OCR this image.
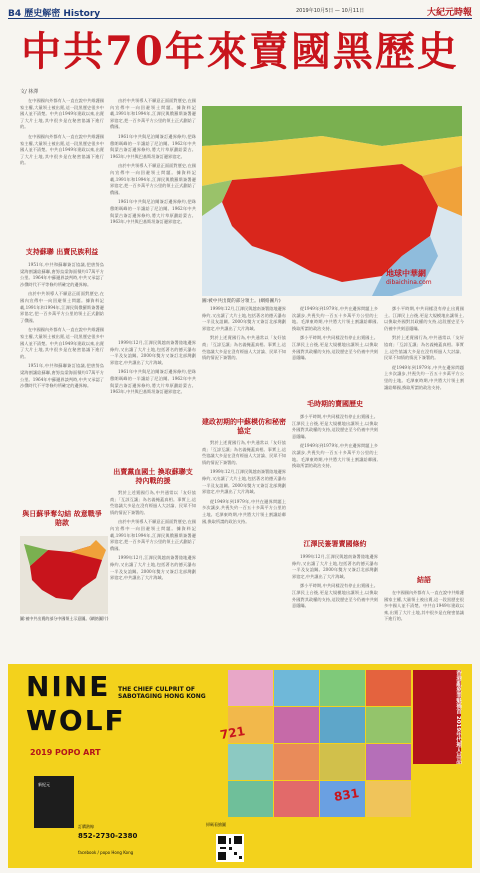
B4 歷史解密 History	2019年10月5日 — 10月11日	大紀元時報
中共70年來賣國黑歷史
文/ 林澤

在中國國內外都有人一直在說中共維護國家主權,大量領土被出賣,這一段黑歷史很多中國人並不清楚。中共自1949年建政以來,出賣了大片土地,其中很多是在秘密協議下進行的。

在中國國內外都有人一直在說中共維護國家主權,大量領土被出賣,這一段黑歷史很多中國人並不清楚。中共自1949年建政以來,出賣了大片土地,其中很多是在秘密協議下進行的。

支持蘇聯 出賣民族利益

1951年,中共和蘇聯簽訂協議,把唐努烏梁海割讓給蘇聯,唐努烏梁海面積約17萬平方公里。1964年中蘇邊界談判時,中共又承認了沙俄時代不平等條約所確定的邊界線。

由於中共領導人不願意正面面對歷史,在國內宣傳中一向回避領土問題。據資料記載,1991年和1994年,江澤民與俄羅斯簽署邊界協定,把一百多萬平方公里的領土正式劃給了俄國。

在中國國內外都有人一直在說中共維護國家主權,大量領土被出賣,這一段黑歷史很多中國人並不清楚。中共自1949年建政以來,出賣了大片土地,其中很多是在秘密協議下進行的。

1951年,中共和蘇聯簽訂協議,把唐努烏梁海割讓給蘇聯,唐努烏梁海面積約17萬平方公里。1964年中蘇邊界談判時,中共又承認了沙俄時代不平等條約所確定的邊界線。

與日蘇爭奪勾結 故意戰爭賠款
圖:被中共出賣的部分中國領土示意圖。(網絡圖片)

由於中共領導人不願意正面面對歷史,在國內宣傳中一向回避領土問題。據資料記載,1991年和1994年,江澤民與俄羅斯簽署邊界協定,把一百多萬平方公里的領土正式劃給了俄國。

1961年中共與尼泊爾簽訂邊界條約,把珠穆朗瑪峰的一半讓給了尼泊爾。1962年中共與蒙古簽訂邊界條約,將大片草原劃給蒙古。1963年,中共與巴基斯坦簽訂邊界協定。

由於中共領導人不願意正面面對歷史,在國內宣傳中一向回避領土問題。據資料記載,1991年和1994年,江澤民與俄羅斯簽署邊界協定,把一百多萬平方公里的領土正式劃給了俄國。

1961年中共與尼泊爾簽訂邊界條約,把珠穆朗瑪峰的一半讓給了尼泊爾。1962年中共與蒙古簽訂邊界條約,將大片草原劃給蒙古。1963年,中共與巴基斯坦簽訂邊界協定。

1999年12月,江澤民與越南簽署陸地邊界條約,又出讓了大片土地,包括著名的德天瀑布一半及友誼關。2000年雙方又簽訂北部灣劃界協定,中共讓出了大片海域。

1961年中共與尼泊爾簽訂邊界條約,把珠穆朗瑪峰的一半讓給了尼泊爾。1962年中共與蒙古簽訂邊界條約,將大片草原劃給蒙古。1963年,中共與巴基斯坦簽訂邊界協定。

出賣黨血國土 換取蘇聯支持內戰的援

對於上述賣國行為,中共通常以「友好協商」「互諒互讓」為名義掩蓋真相。事實上,這些協議大多是在沒有經過人大討論、民眾不知情的情況下簽署的。

由於中共領導人不願意正面面對歷史,在國內宣傳中一向回避領土問題。據資料記載,1991年和1994年,江澤民與俄羅斯簽署邊界協定,把一百多萬平方公里的領土正式劃給了俄國。

1999年12月,江澤民與越南簽署陸地邊界條約,又出讓了大片土地,包括著名的德天瀑布一半及友誼關。2000年雙方又簽訂北部灣劃界協定,中共讓出了大片海域。

圖:被中共出賣的部分領土。(網絡圖片)
地球中華網
dibaichina.com

1999年12月,江澤民與越南簽署陸地邊界條約,又出讓了大片土地,包括著名的德天瀑布一半及友誼關。2000年雙方又簽訂北部灣劃界協定,中共讓出了大片海域。

對於上述賣國行為,中共通常以「友好協商」「互諒互讓」為名義掩蓋真相。事實上,這些協議大多是在沒有經過人大討論、民眾不知情的情況下簽署的。

建政初期的中蘇模仿和秘密協定

對於上述賣國行為,中共通常以「友好協商」「互諒互讓」為名義掩蓋真相。事實上,這些協議大多是在沒有經過人大討論、民眾不知情的情況下簽署的。

1999年12月,江澤民與越南簽署陸地邊界條約,又出讓了大片土地,包括著名的德天瀑布一半及友誼關。2000年雙方又簽訂北部灣劃界協定,中共讓出了大片海域。

從1949年到1979年,中共在邊界問題上多次讓步,共喪失約一百五十多萬平方公里的土地。毛澤東時期,中共將大片領土割讓給鄰國,換取所謂的政治支持。

從1949年到1979年,中共在邊界問題上多次讓步,共喪失約一百五十多萬平方公里的土地。毛澤東時期,中共將大片領土割讓給鄰國,換取所謂的政治支持。

鄧小平時期,中共同樣沒有停止出賣國土。江澤民上台後,更是大規模地出讓領土,以換取外國對其政權的支持,這段歷史至今仍被中共刻意隱瞞。

毛時期的賣國歷史

鄧小平時期,中共同樣沒有停止出賣國土。江澤民上台後,更是大規模地出讓領土,以換取外國對其政權的支持,這段歷史至今仍被中共刻意隱瞞。

從1949年到1979年,中共在邊界問題上多次讓步,共喪失約一百五十多萬平方公里的土地。毛澤東時期,中共將大片領土割讓給鄰國,換取所謂的政治支持。

江澤民簽署賣國條約

1999年12月,江澤民與越南簽署陸地邊界條約,又出讓了大片土地,包括著名的德天瀑布一半及友誼關。2000年雙方又簽訂北部灣劃界協定,中共讓出了大片海域。

鄧小平時期,中共同樣沒有停止出賣國土。江澤民上台後,更是大規模地出讓領土,以換取外國對其政權的支持,這段歷史至今仍被中共刻意隱瞞。

鄧小平時期,中共同樣沒有停止出賣國土。江澤民上台後,更是大規模地出讓領土,以換取外國對其政權的支持,這段歷史至今仍被中共刻意隱瞞。

對於上述賣國行為,中共通常以「友好協商」「互諒互讓」為名義掩蓋真相。事實上,這些協議大多是在沒有經過人大討論、民眾不知情的情況下簽署的。

從1949年到1979年,中共在邊界問題上多次讓步,共喪失約一百五十多萬平方公里的土地。毛澤東時期,中共將大片領土割讓給鄰國,換取所謂的政治支持。

結語

在中國國內外都有人一直在說中共維護國家主權,大量領土被出賣,這一段黑歷史很多中國人並不清楚。中共自1949年建政以來,出賣了大片土地,其中很多是在秘密協議下進行的。

NINE
WOLF
2019 POPO ART
THE CHIEF CULPRIT OF SABOTAGING HONG KONG
新紀元
721
831
香港亂象罪魁禍首 2019年代理人出品
訂購熱線
852-2730-2380
facebook / popo Hong Kong
掃碼看繪圖
